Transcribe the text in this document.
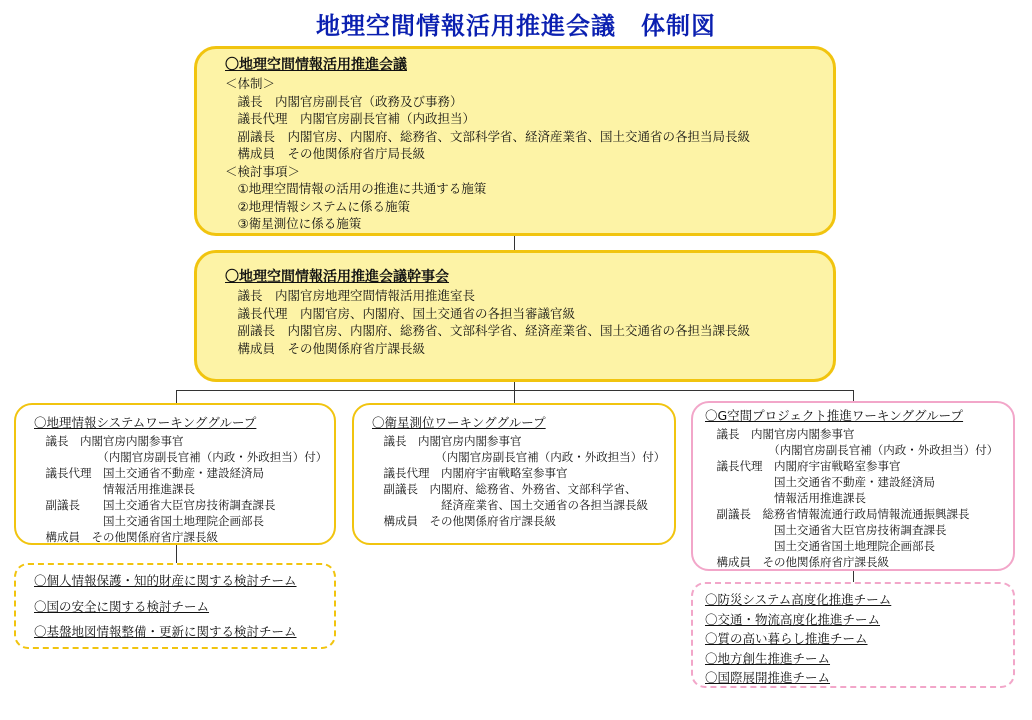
地理空間情報活用推進会議　体制図
〇地理空間情報活用推進会議
＜体制＞
　議長　内閣官房副長官（政務及び事務）
　議長代理　内閣官房副長官補（内政担当）
　副議長　内閣官房、内閣府、総務省、文部科学省、経済産業省、国土交通省の各担当局長級
　構成員　その他関係府省庁局長級
＜検討事項＞
　①地理空間情報の活用の推進に共通する施策
　②地理情報システムに係る施策
　③衛星測位に係る施策
〇地理空間情報活用推進会議幹事会
　議長　内閣官房地理空間情報活用推進室長
　議長代理　内閣官房、内閣府、国土交通省の各担当審議官級
　副議長　内閣官房、内閣府、総務省、文部科学省、経済産業省、国土交通省の各担当課長級
　構成員　その他関係府省庁課長級
〇地理情報システムワーキンググループ
　議長　内閣官房内閣参事官
　　　　　　（内閣官房副長官補（内政・外政担当）付）
　議長代理　国土交通省不動産・建設経済局
　　　　　　情報活用推進課長
　副議長　　国土交通省大臣官房技術調査課長
　　　　　　国土交通省国土地理院企画部長
　構成員　その他関係府省庁課長級
〇衛星測位ワーキンググループ
　議長　内閣官房内閣参事官
　　　　　　（内閣官房副長官補（内政・外政担当）付）
　議長代理　内閣府宇宙戦略室参事官
　副議長　内閣府、総務省、外務省、文部科学省、
　　　　　　経済産業省、国土交通省の各担当課長級
　構成員　その他関係府省庁課長級
〇G空間プロジェクト推進ワーキンググループ
　議長　内閣官房内閣参事官
　　　　　　（内閣官房副長官補（内政・外政担当）付）
　議長代理　内閣府宇宙戦略室参事官
　　　　　　国土交通省不動産・建設経済局
　　　　　　情報活用推進課長
　副議長　総務省情報流通行政局情報流通振興課長
　　　　　　国土交通省大臣官房技術調査課長
　　　　　　国土交通省国土地理院企画部長
　構成員　その他関係府省庁課長級
〇個人情報保護・知的財産に関する検討チーム
〇国の安全に関する検討チーム
〇基盤地図情報整備・更新に関する検討チーム
〇防災システム高度化推進チーム
〇交通・物流高度化推進チーム
〇質の高い暮らし推進チーム
〇地方創生推進チーム
〇国際展開推進チーム
